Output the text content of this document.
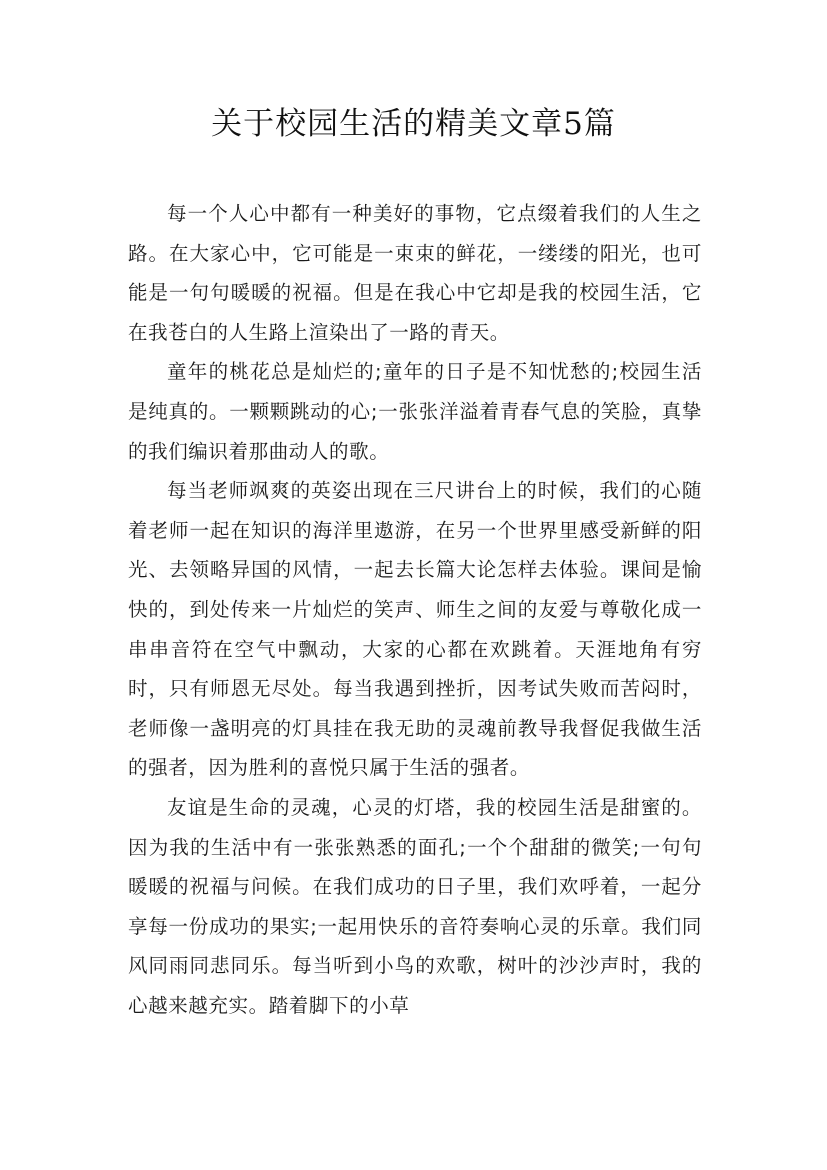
关于校园生活的精美文章5篇

每一个人心中都有一种美好的事物，它点缀着我们的人生之路。在大家心中，它可能是一束束的鲜花，一缕缕的阳光，也可能是一句句暖暖的祝福。但是在我心中它却是我的校园生活，它在我苍白的人生路上渲染出了一路的青天。

童年的桃花总是灿烂的;童年的日子是不知忧愁的;校园生活是纯真的。一颗颗跳动的心;一张张洋溢着青春气息的笑脸，真挚的我们编识着那曲动人的歌。

每当老师飒爽的英姿出现在三尺讲台上的时候，我们的心随着老师一起在知识的海洋里遨游，在另一个世界里感受新鲜的阳光、去领略异国的风情，一起去长篇大论怎样去体验。课间是愉快的，到处传来一片灿烂的笑声、师生之间的友爱与尊敬化成一串串音符在空气中飘动，大家的心都在欢跳着。天涯地角有穷时，只有师恩无尽处。每当我遇到挫折，因考试失败而苦闷时，老师像一盏明亮的灯具挂在我无助的灵魂前教导我督促我做生活的强者，因为胜利的喜悦只属于生活的强者。

友谊是生命的灵魂，心灵的灯塔，我的校园生活是甜蜜的。因为我的生活中有一张张熟悉的面孔;一个个甜甜的微笑;一句句暖暖的祝福与问候。在我们成功的日子里，我们欢呼着，一起分享每一份成功的果实;一起用快乐的音符奏响心灵的乐章。我们同风同雨同悲同乐。每当听到小鸟的欢歌，树叶的沙沙声时，我的心越来越充实。踏着脚下的小草
